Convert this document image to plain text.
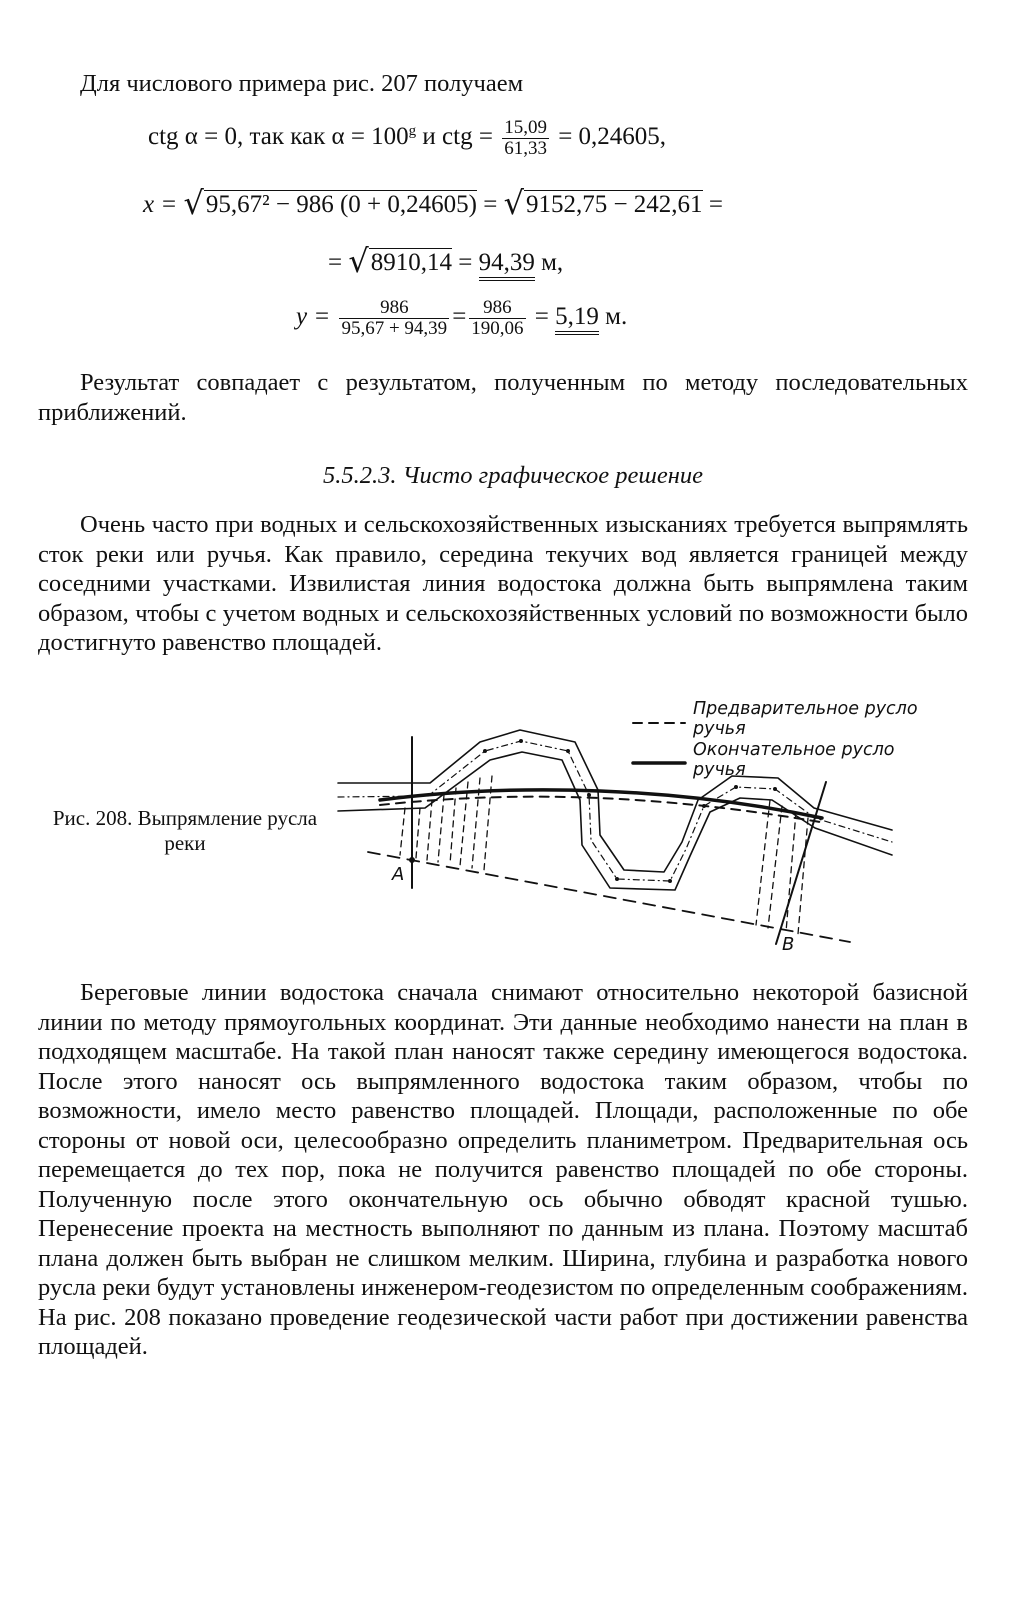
Для числового примера рис. 207 получаем

ctg α = 0, так как $\alpha = 100^g$ и ctg = $\frac{15,09}{61,33} = 0,24605$,
x = √95,67² − 986 (0 + 0,24605) = √9152,75 − 242,61 =
= √8910,14 = 94,39 м,
$y = \frac{986}{95,67 + 94,39} = \frac{986}{190,06} = 5,19$ м.

Результат совпадает с результатом, полученным по методу последовательных приближений.

5.5.2.3. Чисто графическое решение

Очень часто при водных и сельскохозяйственных изысканиях требуется выпрямлять сток реки или ручья. Как правило, середина текучих вод является границей между соседними участками. Извилистая линия водостока должна быть выпрямлена таким образом, чтобы с учетом водных и сельскохозяйственных условий по возможности было достигнуто равенство площадей.

Рис. 208. Выпрямление русла реки
Предварительное русло
ручья
Окончательное русло
ручья
A
B

Береговые линии водостока сначала снимают относительно некоторой базисной линии по методу прямоугольных координат. Эти данные необходимо нанести на план в подходящем масштабе. На такой план наносят также середину имеющегося водостока. После этого наносят ось выпрямленного водостока таким образом, чтобы по возможности, имело место равенство площадей. Площади, расположенные по обе стороны от новой оси, целесообразно определить планиметром. Предварительная ось перемещается до тех пор, пока не получится равенство площадей по обе стороны. Полученную после этого окончательную ось обычно обводят красной тушью. Перенесение проекта на местность выполняют по данным из плана. Поэтому масштаб плана должен быть выбран не слишком мелким. Ширина, глубина и разработка нового русла реки будут установлены инженером-геодезистом по определенным соображениям. На рис. 208 показано проведение геодезической части работ при достижении равенства площадей.
